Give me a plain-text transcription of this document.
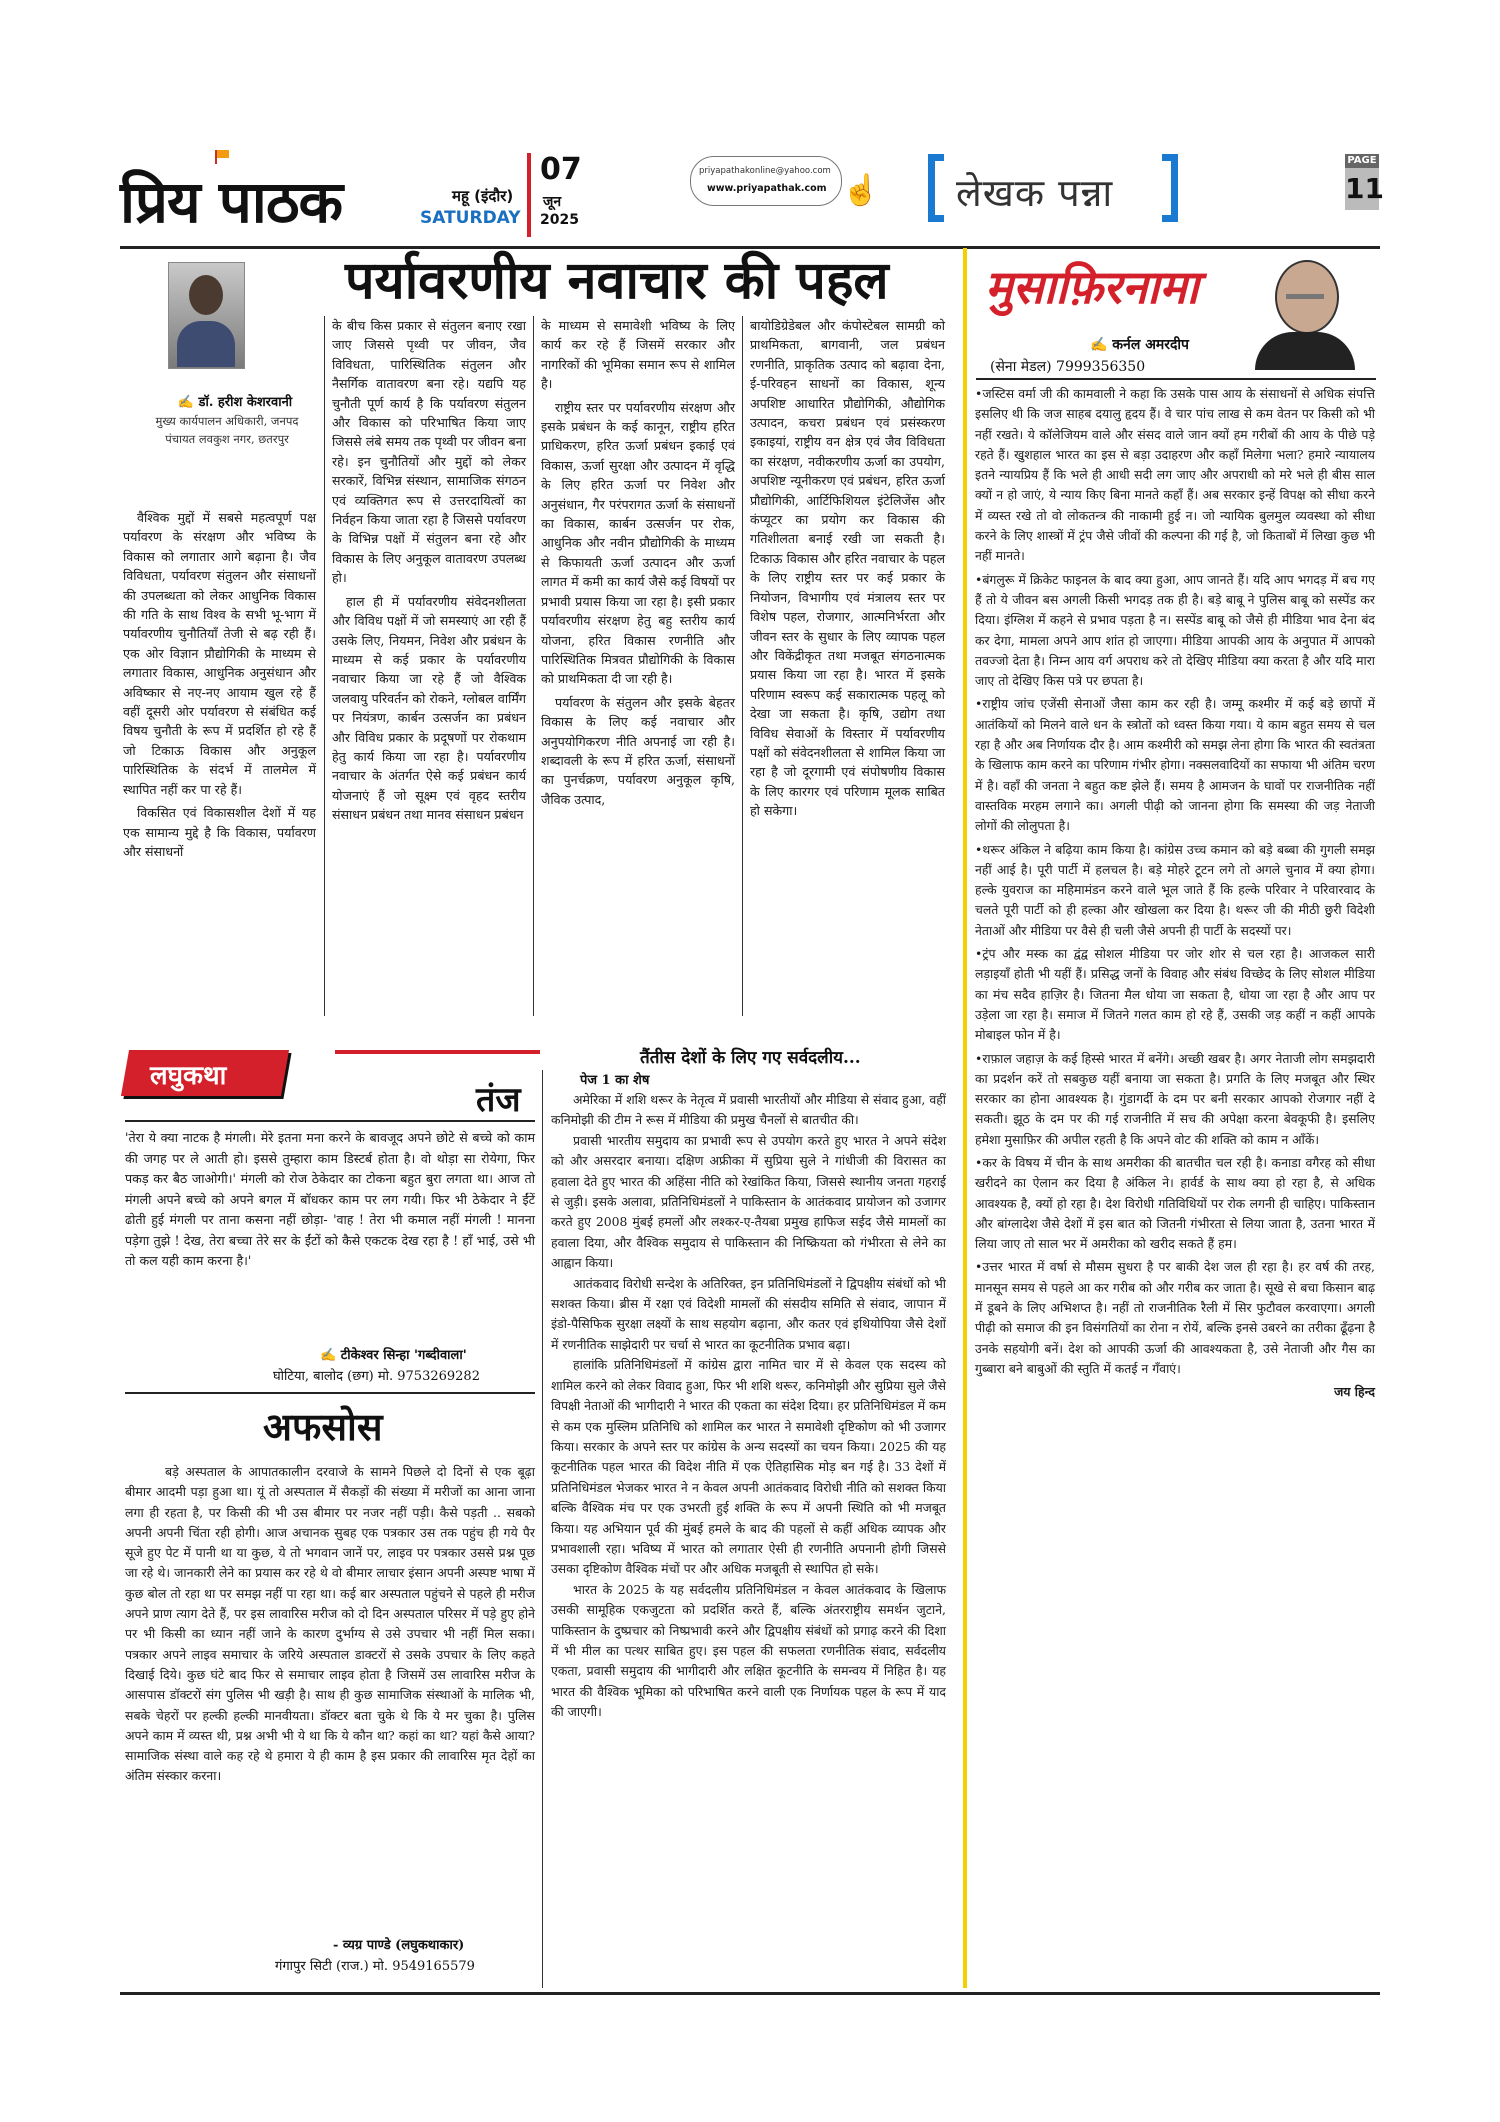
प्रिय पाठक	महू (इंदौर)
SATURDAY
07
जून
2025
priyapathakonline@yahoo.com
www.priyapathak.com ☝ लेखक पन्ना
PAGE
11
✍ डॉ. हरीश केशरवानी
मुख्य कार्यपालन अधिकारी, जनपद पंचायत लवकुश नगर, छतरपुर
पर्यावरणीय नवाचार की पहल

वैश्विक मुद्दों में सबसे महत्वपूर्ण पक्ष पर्यावरण के संरक्षण और भविष्य के विकास को लगातार आगे बढ़ाना है। जैव विविधता, पर्यावरण संतुलन और संसाधनों की उपलब्धता को लेकर आधुनिक विकास की गति के साथ विश्व के सभी भू-भाग में पर्यावरणीय चुनौतियाँ तेजी से बढ़ रही हैं। एक ओर विज्ञान प्रौद्योगिकी के माध्यम से लगातार विकास, आधुनिक अनुसंधान और अविष्कार से नए-नए आयाम खुल रहे हैं वहीं दूसरी ओर पर्यावरण से संबंधित कई विषय चुनौती के रूप में प्रदर्शित हो रहे हैं जो टिकाऊ विकास और अनुकूल पारिस्थितिक के संदर्भ में तालमेल में स्थापित नहीं कर पा रहे हैं।

विकसित एवं विकासशील देशों में यह एक सामान्य मुद्दे है कि विकास, पर्यावरण और संसाधनों

के बीच किस प्रकार से संतुलन बनाए रखा जाए जिससे पृथ्वी पर जीवन, जैव विविधता, पारिस्थितिक संतुलन और नैसर्गिक वातावरण बना रहे। यद्यपि यह चुनौती पूर्ण कार्य है कि पर्यावरण संतुलन और विकास को परिभाषित किया जाए जिससे लंबे समय तक पृथ्वी पर जीवन बना रहे। इन चुनौतियों और मुद्दों को लेकर सरकारें, विभिन्न संस्थान, सामाजिक संगठन एवं व्यक्तिगत रूप से उत्तरदायित्वों का निर्वहन किया जाता रहा है जिससे पर्यावरण के विभिन्न पक्षों में संतुलन बना रहे और विकास के लिए अनुकूल वातावरण उपलब्ध हो।

हाल ही में पर्यावरणीय संवेदनशीलता और विविध पक्षों में जो समस्याएं आ रही हैं उसके लिए, नियमन, निवेश और प्रबंधन के माध्यम से कई प्रकार के पर्यावरणीय नवाचार किया जा रहे हैं जो वैश्विक जलवायु परिवर्तन को रोकने, ग्लोबल वार्मिंग पर नियंत्रण, कार्बन उत्सर्जन का प्रबंधन और विविध प्रकार के प्रदूषणों पर रोकथाम हेतु कार्य किया जा रहा है। पर्यावरणीय नवाचार के अंतर्गत ऐसे कई प्रबंधन कार्य योजनाएं हैं जो सूक्ष्म एवं वृहद स्तरीय संसाधन प्रबंधन तथा मानव संसाधन प्रबंधन

के माध्यम से समावेशी भविष्य के लिए कार्य कर रहे हैं जिसमें सरकार और नागरिकों की भूमिका समान रूप से शामिल है।

राष्ट्रीय स्तर पर पर्यावरणीय संरक्षण और इसके प्रबंधन के कई कानून, राष्ट्रीय हरित प्राधिकरण, हरित ऊर्जा प्रबंधन इकाई एवं विकास, ऊर्जा सुरक्षा और उत्पादन में वृद्धि के लिए हरित ऊर्जा पर निवेश और अनुसंधान, गैर परंपरागत ऊर्जा के संसाधनों का विकास, कार्बन उत्सर्जन पर रोक, आधुनिक और नवीन प्रौद्योगिकी के माध्यम से किफायती ऊर्जा उत्पादन और ऊर्जा लागत में कमी का कार्य जैसे कई विषयों पर प्रभावी प्रयास किया जा रहा है। इसी प्रकार पर्यावरणीय संरक्षण हेतु बहु स्तरीय कार्य योजना, हरित विकास रणनीति और पारिस्थितिक मित्रवत प्रौद्योगिकी के विकास को प्राथमिकता दी जा रही है।

पर्यावरण के संतुलन और इसके बेहतर विकास के लिए कई नवाचार और अनुपयोगिकरण नीति अपनाई जा रही है। शब्दावली के रूप में हरित ऊर्जा, संसाधनों का पुनर्चक्रण, पर्यावरण अनुकूल कृषि, जैविक उत्पाद,

बायोडिग्रेडेबल और कंपोस्टेबल सामग्री को प्राथमिकता, बागवानी, जल प्रबंधन रणनीति, प्राकृतिक उत्पाद को बढ़ावा देना, ई-परिवहन साधनों का विकास, शून्य अपशिष्ट आधारित प्रौद्योगिकी, औद्योगिक उत्पादन, कचरा प्रबंधन एवं प्रसंस्करण इकाइयां, राष्ट्रीय वन क्षेत्र एवं जैव विविधता का संरक्षण, नवीकरणीय ऊर्जा का उपयोग, अपशिष्ट न्यूनीकरण एवं प्रबंधन, हरित ऊर्जा प्रौद्योगिकी, आर्टिफिशियल इंटेलिजेंस और कंप्यूटर का प्रयोग कर विकास की गतिशीलता बनाई रखी जा सकती है। टिकाऊ विकास और हरित नवाचार के पहल के लिए राष्ट्रीय स्तर पर कई प्रकार के नियोजन, विभागीय एवं मंत्रालय स्तर पर विशेष पहल, रोजगार, आत्मनिर्भरता और जीवन स्तर के सुधार के लिए व्यापक पहल और विकेंद्रीकृत तथा मजबूत संगठनात्मक प्रयास किया जा रहा है। भारत में इसके परिणाम स्वरूप कई सकारात्मक पहलू को देखा जा सकता है। कृषि, उद्योग तथा विविध सेवाओं के विस्तार में पर्यावरणीय पक्षों को संवेदनशीलता से शामिल किया जा रहा है जो दूरगामी एवं संपोषणीय विकास के लिए कारगर एवं परिणाम मूलक साबित हो सकेगा।

लघुकथा
तंज
'तेरा ये क्या नाटक है मंगली। मेरे इतना मना करने के बावजूद अपने छोटे से बच्चे को काम की जगह पर ले आती हो। इससे तुम्हारा काम डिस्टर्ब होता है। वो थोड़ा सा रोयेगा, फिर पकड़ कर बैठ जाओगी।' मंगली को रोज ठेकेदार का टोकना बहुत बुरा लगता था। आज तो मंगली अपने बच्चे को अपने बगल में बॉधकर काम पर लग गयी। फिर भी ठेकेदार ने ईंटें ढोती हुई मंगली पर ताना कसना नहीं छोड़ा- 'वाह ! तेरा भी कमाल नहीं मंगली ! मानना पड़ेगा तुझे ! देख, तेरा बच्चा तेरे सर के ईंटों को कैसे एकटक देख रहा है ! हाँ भाई, उसे भी तो कल यही काम करना है।'
✍ टीकेश्वर सिन्हा 'गब्दीवाला'
घोटिया, बालोद (छग) मो. 9753269282
अफसोस
बड़े अस्पताल के आपातकालीन दरवाजे के सामने पिछले दो दिनों से एक बूढ़ा बीमार आदमी पड़ा हुआ था। यूं तो अस्पताल में सैकड़ों की संख्या में मरीजों का आना जाना लगा ही रहता है, पर किसी की भी उस बीमार पर नजर नहीं पड़ी। कैसे पड़ती .. सबको अपनी अपनी चिंता रही होगी। आज अचानक सुबह एक पत्रकार उस तक पहुंच ही गये पैर सूजे हुए पेट में पानी था या कुछ, ये तो भगवान जानें पर, लाइव पर पत्रकार उससे प्रश्न पूछ जा रहे थे। जानकारी लेने का प्रयास कर रहे थे वो बीमार लाचार इंसान अपनी अस्पष्ट भाषा में कुछ बोल तो रहा था पर समझ नहीं पा रहा था। कई बार अस्पताल पहुंचने से पहले ही मरीज अपने प्राण त्याग देते हैं, पर इस लावारिस मरीज को दो दिन अस्पताल परिसर में पड़े हुए होने पर भी किसी का ध्यान नहीं जाने के कारण दुर्भाग्य से उसे उपचार भी नहीं मिल सका। पत्रकार अपने लाइव समाचार के जरिये अस्पताल डाक्टरों से उसके उपचार के लिए कहते दिखाई दिये। कुछ घंटे बाद फिर से समाचार लाइव होता है जिसमें उस लावारिस मरीज के आसपास डॉक्टरों संग पुलिस भी खड़ी है। साथ ही कुछ सामाजिक संस्थाओं के मालिक भी, सबके चेहरों पर हल्की हल्की मानवीयता। डॉक्टर बता चुके थे कि ये मर चुका है। पुलिस अपने काम में व्यस्त थी, प्रश्न अभी भी ये था कि ये कौन था? कहां का था? यहां कैसे आया? सामाजिक संस्था वाले कह रहे थे हमारा ये ही काम है इस प्रकार की लावारिस मृत देहों का अंतिम संस्कार करना।
- व्यग्र पाण्डे (लघुकथाकार)
गंगापुर सिटी (राज.) मो. 9549165579
तैंतीस देशों के लिए गए सर्वदलीय...
पेज 1 का शेष

अमेरिका में शशि थरूर के नेतृत्व में प्रवासी भारतीयों और मीडिया से संवाद हुआ, वहीं कनिमोझी की टीम ने रूस में मीडिया की प्रमुख चैनलों से बातचीत की।

प्रवासी भारतीय समुदाय का प्रभावी रूप से उपयोग करते हुए भारत ने अपने संदेश को और असरदार बनाया। दक्षिण अफ्रीका में सुप्रिया सुले ने गांधीजी की विरासत का हवाला देते हुए भारत की अहिंसा नीति को रेखांकित किया, जिससे स्थानीय जनता गहराई से जुड़ी। इसके अलावा, प्रतिनिधिमंडलों ने पाकिस्तान के आतंकवाद प्रायोजन को उजागर करते हुए 2008 मुंबई हमलों और लश्कर-ए-तैयबा प्रमुख हाफिज सईद जैसे मामलों का हवाला दिया, और वैश्विक समुदाय से पाकिस्तान की निष्क्रियता को गंभीरता से लेने का आह्वान किया।

आतंकवाद विरोधी सन्देश के अतिरिक्त, इन प्रतिनिधिमंडलों ने द्विपक्षीय संबंधों को भी सशक्त किया। ब्रीस में रक्षा एवं विदेशी मामलों की संसदीय समिति से संवाद, जापान में इंडो-पैसिफिक सुरक्षा लक्ष्यों के साथ सहयोग बढ़ाना, और कतर एवं इथियोपिया जैसे देशों में रणनीतिक साझेदारी पर चर्चा से भारत का कूटनीतिक प्रभाव बढ़ा।

हालांकि प्रतिनिधिमंडलों में कांग्रेस द्वारा नामित चार में से केवल एक सदस्य को शामिल करने को लेकर विवाद हुआ, फिर भी शशि थरूर, कनिमोझी और सुप्रिया सुले जैसे विपक्षी नेताओं की भागीदारी ने भारत की एकता का संदेश दिया। हर प्रतिनिधिमंडल में कम से कम एक मुस्लिम प्रतिनिधि को शामिल कर भारत ने समावेशी दृष्टिकोण को भी उजागर किया। सरकार के अपने स्तर पर कांग्रेस के अन्य सदस्यों का चयन किया। 2025 की यह कूटनीतिक पहल भारत की विदेश नीति में एक ऐतिहासिक मोड़ बन गई है। 33 देशों में प्रतिनिधिमंडल भेजकर भारत ने न केवल अपनी आतंकवाद विरोधी नीति को सशक्त किया बल्कि वैश्विक मंच पर एक उभरती हुई शक्ति के रूप में अपनी स्थिति को भी मजबूत किया। यह अभियान पूर्व की मुंबई हमले के बाद की पहलों से कहीं अधिक व्यापक और प्रभावशाली रहा। भविष्य में भारत को लगातार ऐसी ही रणनीति अपनानी होगी जिससे उसका दृष्टिकोण वैश्विक मंचों पर और अधिक मजबूती से स्थापित हो सके।

भारत के 2025 के यह सर्वदलीय प्रतिनिधिमंडल न केवल आतंकवाद के खिलाफ उसकी सामूहिक एकजुटता को प्रदर्शित करते हैं, बल्कि अंतरराष्ट्रीय समर्थन जुटाने, पाकिस्तान के दुष्प्रचार को निष्प्रभावी करने और द्विपक्षीय संबंधों को प्रगाढ़ करने की दिशा में भी मील का पत्थर साबित हुए। इस पहल की सफलता रणनीतिक संवाद, सर्वदलीय एकता, प्रवासी समुदाय की भागीदारी और लक्षित कूटनीति के समन्वय में निहित है। यह भारत की वैश्विक भूमिका को परिभाषित करने वाली एक निर्णायक पहल के रूप में याद की जाएगी।

मुसाफ़िरनामा
✍ कर्नल अमरदीप
(सेना मेडल) 7999356350
• जस्टिस वर्मा जी की कामवाली ने कहा कि उसके पास आय के संसाधनों से अधिक संपत्ति इसलिए थी कि जज साहब दयालु हृदय हैं। वे चार पांच लाख से कम वेतन पर किसी को भी नहीं रखते। ये कॉलेजियम वाले और संसद वाले जान क्यों हम गरीबों की आय के पीछे पड़े रहते हैं। खुशहाल भारत का इस से बड़ा उदाहरण और कहाँ मिलेगा भला? हमारे न्यायालय इतने न्यायप्रिय हैं कि भले ही आधी सदी लग जाए और अपराधी को मरे भले ही बीस साल क्यों न हो जाएं, ये न्याय किए बिना मानते कहाँ हैं। अब सरकार इन्हें विपक्ष को सीधा करने में व्यस्त रखे तो वो लोकतन्त्र की नाकामी हुई न। जो न्यायिक बुलमुल व्यवस्था को सीधा करने के लिए शास्त्रों में ट्रंप जैसे जीवों की कल्पना की गई है, जो किताबों में लिखा कुछ भी नहीं मानते।
• बंगलुरू में क्रिकेट फाइनल के बाद क्या हुआ, आप जानते हैं। यदि आप भगदड़ में बच गए हैं तो ये जीवन बस अगली किसी भगदड़ तक ही है। बड़े बाबू ने पुलिस बाबू को सस्पेंड कर दिया। इंग्लिश में कहने से प्रभाव पड़ता है न। सस्पेंड बाबू को जैसे ही मीडिया भाव देना बंद कर देगा, मामला अपने आप शांत हो जाएगा। मीडिया आपकी आय के अनुपात में आपको तवज्जो देता है। निम्न आय वर्ग अपराध करे तो देखिए मीडिया क्या करता है और यदि मारा जाए तो देखिए किस पत्रे पर छपता है।
• राष्ट्रीय जांच एजेंसी सेनाओं जैसा काम कर रही है। जम्मू कश्मीर में कई बड़े छापों में आतंकियों को मिलने वाले धन के स्त्रोतों को ध्वस्त किया गया। ये काम बहुत समय से चल रहा है और अब निर्णायक दौर है। आम कश्मीरी को समझ लेना होगा कि भारत की स्वतंत्रता के खिलाफ काम करने का परिणाम गंभीर होगा। नक्सलवादियों का सफाया भी अंतिम चरण में है। वहाँ की जनता ने बहुत कष्ट झेले हैं। समय है आमजन के घावों पर राजनीतिक नहीं वास्तविक मरहम लगाने का। अगली पीढ़ी को जानना होगा कि समस्या की जड़ नेताजी लोगों की लोलुपता है।
• थरूर अंकिल ने बढ़िया काम किया है। कांग्रेस उच्च कमान को बड़े बब्बा की गुगली समझ नहीं आई है। पूरी पार्टी में हलचल है। बड़े मोहरे टूटन लगे तो अगले चुनाव में क्या होगा। हल्के युवराज का महिमामंडन करने वाले भूल जाते हैं कि हल्के परिवार ने परिवारवाद के चलते पूरी पार्टी को ही हल्का और खोखला कर दिया है। थरूर जी की मीठी छुरी विदेशी नेताओं और मीडिया पर वैसे ही चली जैसे अपनी ही पार्टी के सदस्यों पर।
• ट्रंप और मस्क का द्वंद्व सोशल मीडिया पर जोर शोर से चल रहा है। आजकल सारी लड़ाइयाँ होती भी यहीं हैं। प्रसिद्ध जनों के विवाह और संबंध विच्छेद के लिए सोशल मीडिया का मंच सदैव हाज़िर है। जितना मैल धोया जा सकता है, धोया जा रहा है और आप पर उड़ेला जा रहा है। समाज में जितने गलत काम हो रहे हैं, उसकी जड़ कहीं न कहीं आपके मोबाइल फोन में है।
• राफ़ाल जहाज़ के कई हिस्से भारत में बनेंगे। अच्छी खबर है। अगर नेताजी लोग समझदारी का प्रदर्शन करें तो सबकुछ यहीं बनाया जा सकता है। प्रगति के लिए मजबूत और स्थिर सरकार का होना आवश्यक है। गुंडागर्दी के दम पर बनी सरकार आपको रोजगार नहीं दे सकती। झूठ के दम पर की गई राजनीति में सच की अपेक्षा करना बेवकूफी है। इसलिए हमेशा मुसाफ़िर की अपील रहती है कि अपने वोट की शक्ति को काम न आँकें।
• कर के विषय में चीन के साथ अमरीका की बातचीत चल रही है। कनाडा वगैरह को सीधा खरीदने का ऐलान कर दिया है अंकिल ने। हार्वर्ड के साथ क्या हो रहा है, से अधिक आवश्यक है, क्यों हो रहा है। देश विरोधी गतिविधियों पर रोक लगनी ही चाहिए। पाकिस्तान और बांग्लादेश जैसे देशों में इस बात को जितनी गंभीरता से लिया जाता है, उतना भारत में लिया जाए तो साल भर में अमरीका को खरीद सकते हैं हम।
• उत्तर भारत में वर्षा से मौसम सुधरा है पर बाकी देश जल ही रहा है। हर वर्ष की तरह, मानसून समय से पहले आ कर गरीब को और गरीब कर जाता है। सूखे से बचा किसान बाढ़ में डूबने के लिए अभिशप्त है। नहीं तो राजनीतिक रैली में सिर फुटौवल करवाएगा। अगली पीढ़ी को समाज की इन विसंगतियों का रोना न रोयें, बल्कि इनसे उबरने का तरीका ढूँढ़ना है उनके सहयोगी बनें। देश को आपकी ऊर्जा की आवश्यकता है, उसे नेताजी और गैस का गुब्बारा बने बाबुओं की स्तुति में कतई न गँवाएं।
जय हिन्द
